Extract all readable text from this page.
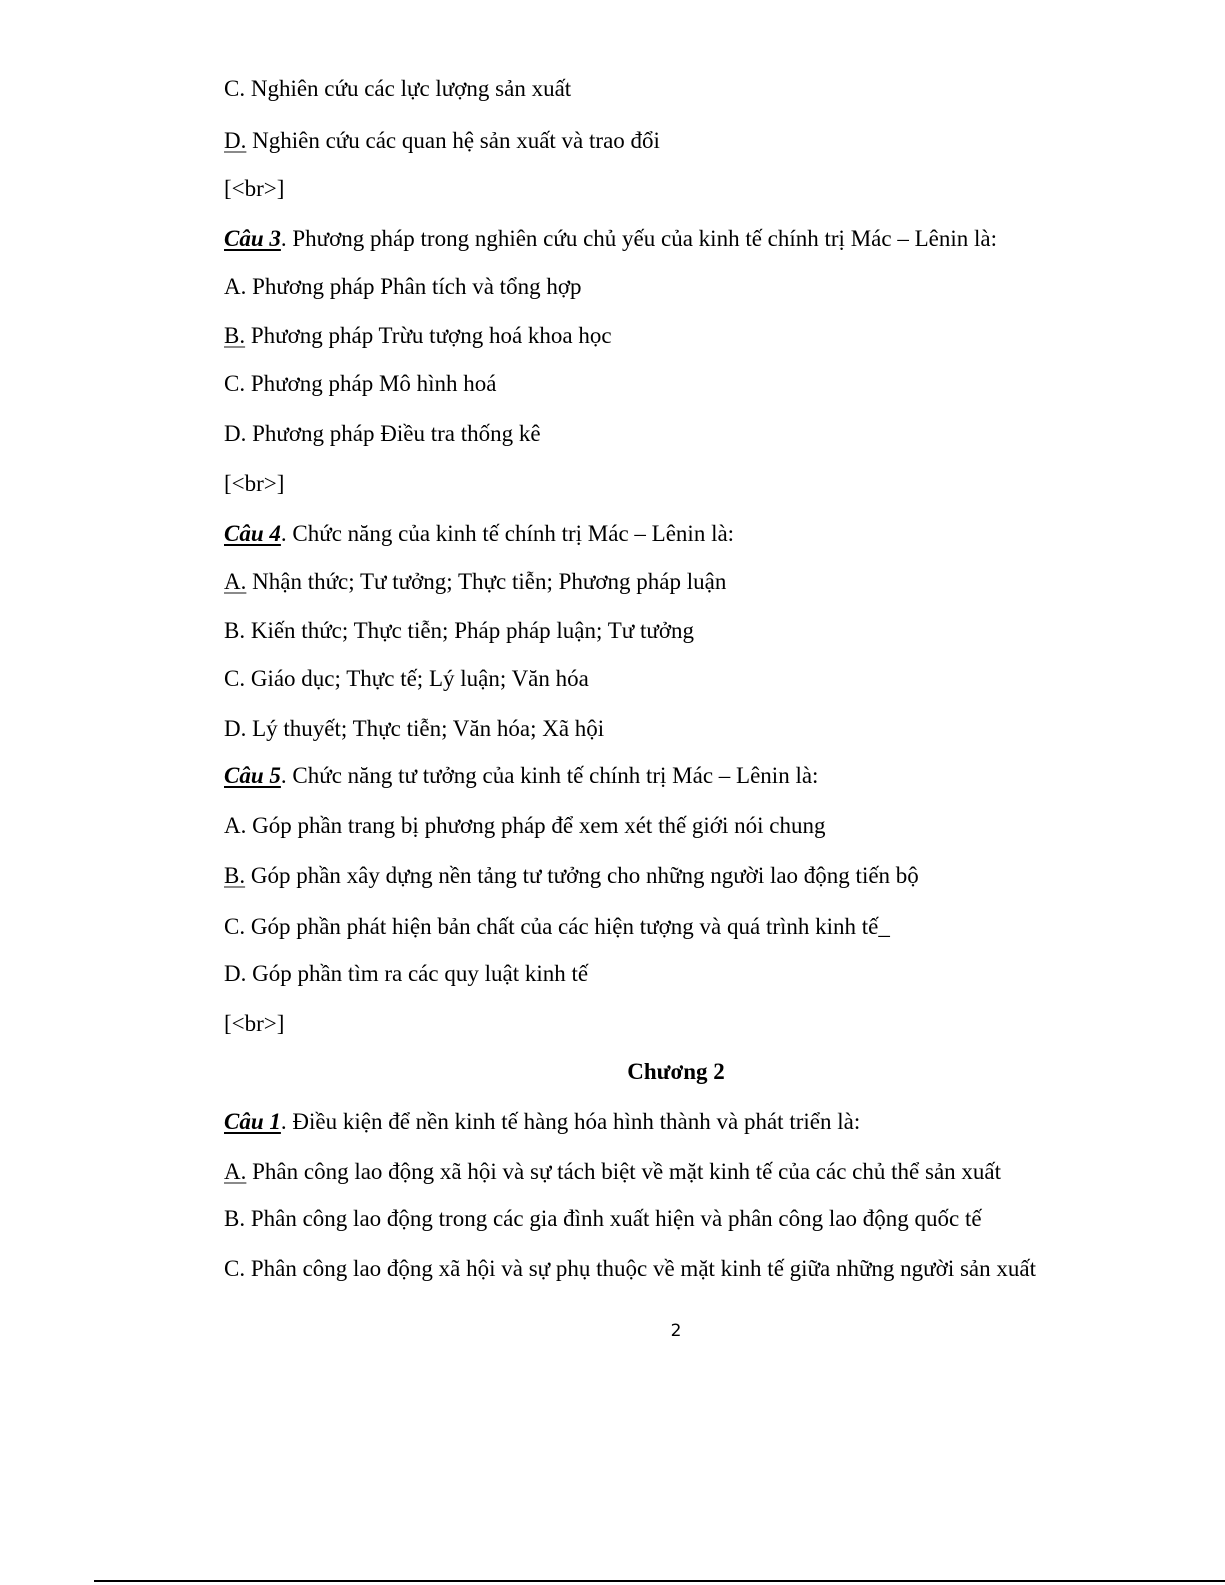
C. Nghiên cứu các lực lượng sản xuất
D. Nghiên cứu các quan hệ sản xuất và trao đổi
[<br>]
Câu 3. Phương pháp trong nghiên cứu chủ yếu của kinh tế chính trị Mác – Lênin là:
A. Phương pháp Phân tích và tổng hợp
B. Phương pháp Trừu tượng hoá khoa học
C. Phương pháp Mô hình hoá
D. Phương pháp Điều tra thống kê
[<br>]
Câu 4. Chức năng của kinh tế chính trị Mác – Lênin là:
A. Nhận thức; Tư tưởng; Thực tiễn; Phương pháp luận
B. Kiến thức; Thực tiễn; Pháp pháp luận; Tư tưởng
C. Giáo dục; Thực tế; Lý luận; Văn hóa
D. Lý thuyết; Thực tiễn; Văn hóa; Xã hội
Câu 5. Chức năng tư tưởng của kinh tế chính trị Mác – Lênin là:
A. Góp phần trang bị phương pháp để xem xét thế giới nói chung
B. Góp phần xây dựng nền tảng tư tưởng cho những người lao động tiến bộ
C. Góp phần phát hiện bản chất của các hiện tượng và quá trình kinh tế_
D. Góp phần tìm ra các quy luật kinh tế
[<br>]
Chương 2
Câu 1. Điều kiện để nền kinh tế hàng hóa hình thành và phát triển là:
A. Phân công lao động xã hội và sự tách biệt về mặt kinh tế của các chủ thể sản xuất
B. Phân công lao động trong các gia đình xuất hiện và phân công lao động quốc tế
C. Phân công lao động xã hội và sự phụ thuộc về mặt kinh tế giữa những người sản xuất
2
